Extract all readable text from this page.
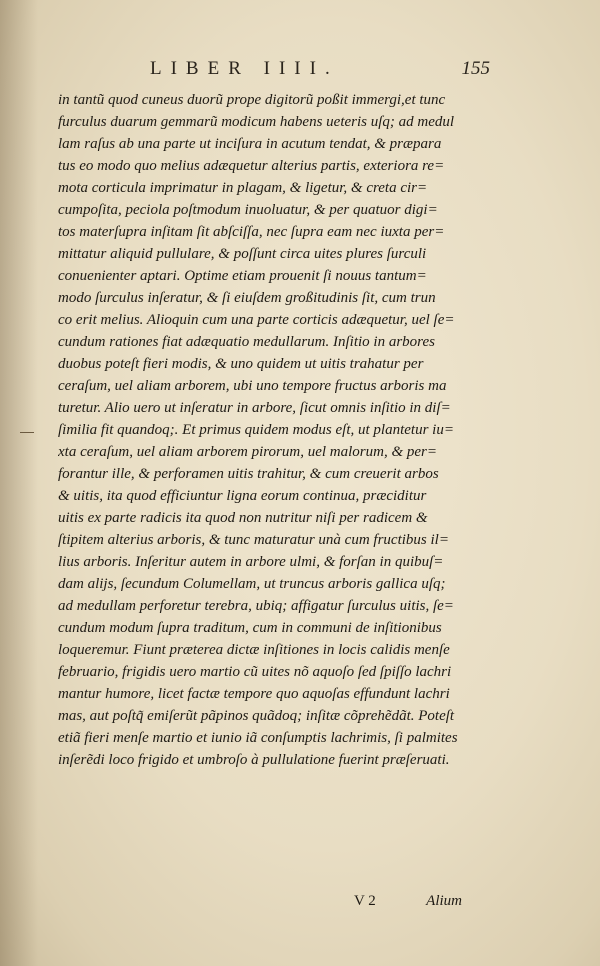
LIBER IIII.	155
in tantũ quod cuneus duorũ prope digitorũ poßit immergi,et tunc
furculus duarum gemmarũ modicum habens ueteris uſq; ad medul
lam raſus ab una parte ut inciſura in acutum tendat, & præpara
tus eo modo quo melius adæquetur alterius partis, exteriora re=
mota corticula imprimatur in plagam, & ligetur, & creta cir=
cumpoſita, peciola poſtmodum inuoluatur, & per quatuor digi=
tos materſupra inſitam ſit abſciſſa, nec ſupra eam nec iuxta per=
mittatur aliquid pullulare, & poſſunt circa uites plures ſurculi
conuenienter aptari. Optime etiam prouenit ſi nouus tantum=
modo ſurculus inſeratur, & ſi eiuſdem großitudinis ſit, cum trun
co erit melius. Alioquin cum una parte corticis adæquetur, uel ſe=
cundum rationes fiat adæquatio medullarum. Inſitio in arbores
duobus poteſt fieri modis, & uno quidem ut uitis trahatur per
ceraſum, uel aliam arborem, ubi uno tempore fructus arboris ma
turetur. Alio uero ut inſeratur in arbore, ſicut omnis inſitio in diſ=
ſimilia fit quandoq;. Et primus quidem modus eſt, ut plantetur iu=
xta ceraſum, uel aliam arborem pirorum, uel malorum, & per=
forantur ille, & perforamen uitis trahitur, & cum creuerit arbos
& uitis, ita quod efficiuntur ligna eorum continua, præciditur
uitis ex parte radicis ita quod non nutritur niſi per radicem &
ſtipitem alterius arboris, & tunc maturatur unà cum fructibus il=
lius arboris. Inſeritur autem in arbore ulmi, & forſan in quibuſ=
dam alijs, ſecundum Columellam, ut truncus arboris gallica uſq;
ad medullam perforetur terebra, ubiq; affigatur ſurculus uitis, ſe=
cundum modum ſupra traditum, cum in communi de inſitionibus
loqueremur. Fiunt præterea dictæ inſitiones in locis calidis menſe
februario, frigidis uero martio cũ uites nõ aquoſo ſed ſpiſſo lachri
mantur humore, licet factæ tempore quo aquoſas effundunt lachri
mas, aut poſtq̃ emiſerũt pãpinos quãdoq; inſitæ cõprehẽdãt. Poteſt
etiã fieri menſe martio et iunio iã conſumptis lachrimis, ſi palmites
inſerẽdi loco frigido et umbroſo à pullulatione fuerint præſeruati.
V 2	Alium
